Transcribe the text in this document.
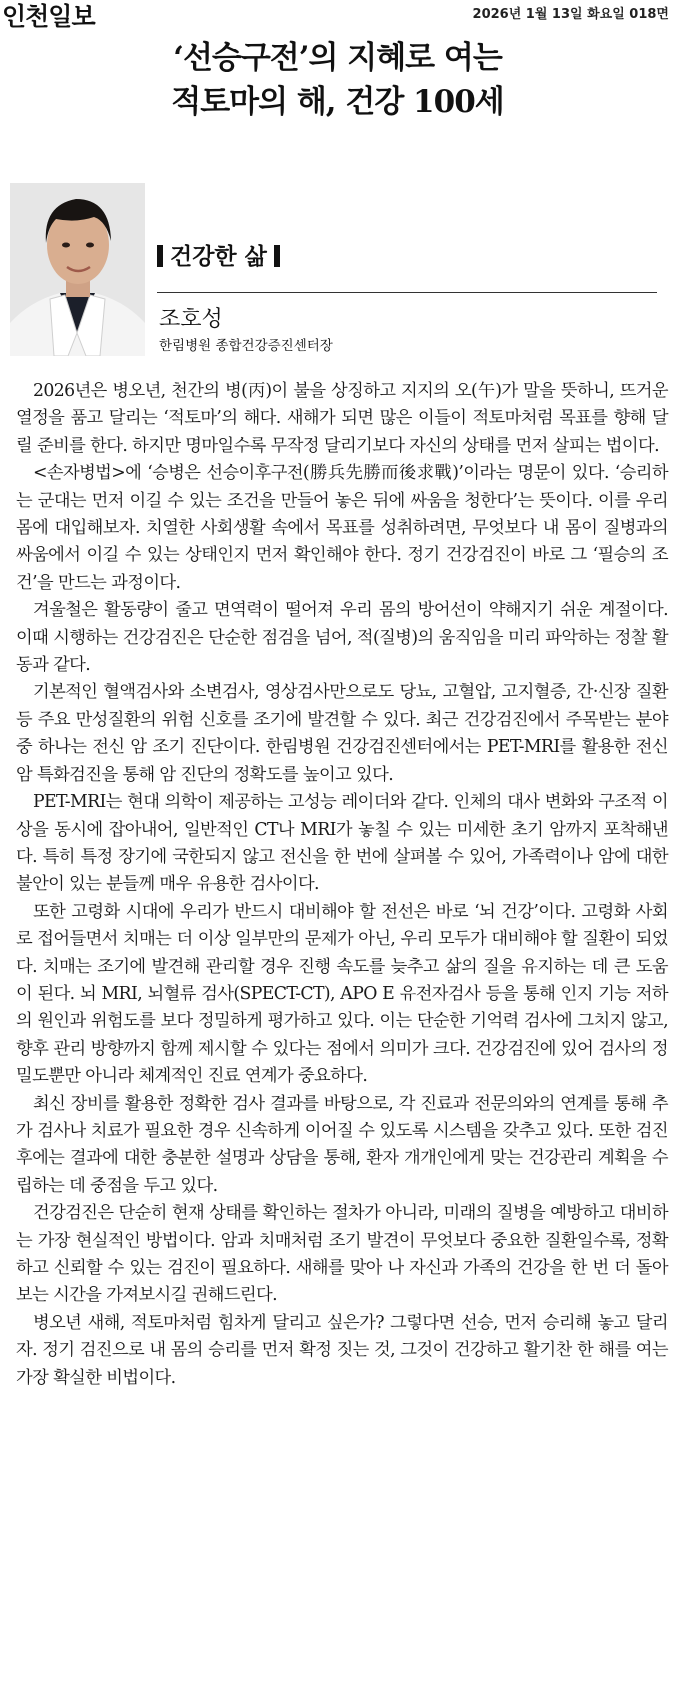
인천일보	2026년 1월 13일 화요일 018면
‘선승구전’의 지혜로 여는
적토마의 해, 건강 100세
건강한 삶
조호성
한림병원 종합건강증진센터장

2026년은 병오년, 천간의 병(丙)이 불을 상징하고 지지의 오(午)가 말을 뜻하니, 뜨거운 열정을 품고 달리는 ‘적토마’의 해다. 새해가 되면 많은 이들이 적토마처럼 목표를 향해 달릴 준비를 한다. 하지만 명마일수록 무작정 달리기보다 자신의 상태를 먼저 살피는 법이다.

<손자병법>에 ‘승병은 선승이후구전(勝兵先勝而後求戰)’이라는 명문이 있다. ‘승리하는 군대는 먼저 이길 수 있는 조건을 만들어 놓은 뒤에 싸움을 청한다’는 뜻이다. 이를 우리 몸에 대입해보자. 치열한 사회생활 속에서 목표를 성취하려면, 무엇보다 내 몸이 질병과의 싸움에서 이길 수 있는 상태인지 먼저 확인해야 한다. 정기 건강검진이 바로 그 ‘필승의 조건’을 만드는 과정이다.

겨울철은 활동량이 줄고 면역력이 떨어져 우리 몸의 방어선이 약해지기 쉬운 계절이다. 이때 시행하는 건강검진은 단순한 점검을 넘어, 적(질병)의 움직임을 미리 파악하는 정찰 활동과 같다.

기본적인 혈액검사와 소변검사, 영상검사만으로도 당뇨, 고혈압, 고지혈증, 간·신장 질환 등 주요 만성질환의 위험 신호를 조기에 발견할 수 있다. 최근 건강검진에서 주목받는 분야 중 하나는 전신 암 조기 진단이다. 한림병원 건강검진센터에서는 PET-MRI를 활용한 전신암 특화검진을 통해 암 진단의 정확도를 높이고 있다.

PET-MRI는 현대 의학이 제공하는 고성능 레이더와 같다. 인체의 대사 변화와 구조적 이상을 동시에 잡아내어, 일반적인 CT나 MRI가 놓칠 수 있는 미세한 초기 암까지 포착해낸다. 특히 특정 장기에 국한되지 않고 전신을 한 번에 살펴볼 수 있어, 가족력이나 암에 대한 불안이 있는 분들께 매우 유용한 검사이다.

또한 고령화 시대에 우리가 반드시 대비해야 할 전선은 바로 ‘뇌 건강’이다. 고령화 사회로 접어들면서 치매는 더 이상 일부만의 문제가 아닌, 우리 모두가 대비해야 할 질환이 되었다. 치매는 조기에 발견해 관리할 경우 진행 속도를 늦추고 삶의 질을 유지하는 데 큰 도움이 된다. 뇌 MRI, 뇌혈류 검사(SPECT-CT), APO E 유전자검사 등을 통해 인지 기능 저하의 원인과 위험도를 보다 정밀하게 평가하고 있다. 이는 단순한 기억력 검사에 그치지 않고, 향후 관리 방향까지 함께 제시할 수 있다는 점에서 의미가 크다. 건강검진에 있어 검사의 정밀도뿐만 아니라 체계적인 진료 연계가 중요하다.

최신 장비를 활용한 정확한 검사 결과를 바탕으로, 각 진료과 전문의와의 연계를 통해 추가 검사나 치료가 필요한 경우 신속하게 이어질 수 있도록 시스템을 갖추고 있다. 또한 검진 후에는 결과에 대한 충분한 설명과 상담을 통해, 환자 개개인에게 맞는 건강관리 계획을 수립하는 데 중점을 두고 있다.

건강검진은 단순히 현재 상태를 확인하는 절차가 아니라, 미래의 질병을 예방하고 대비하는 가장 현실적인 방법이다. 암과 치매처럼 조기 발견이 무엇보다 중요한 질환일수록, 정확하고 신뢰할 수 있는 검진이 필요하다. 새해를 맞아 나 자신과 가족의 건강을 한 번 더 돌아보는 시간을 가져보시길 권해드린다.

병오년 새해, 적토마처럼 힘차게 달리고 싶은가? 그렇다면 선승, 먼저 승리해 놓고 달리자. 정기 검진으로 내 몸의 승리를 먼저 확정 짓는 것, 그것이 건강하고 활기찬 한 해를 여는 가장 확실한 비법이다.
